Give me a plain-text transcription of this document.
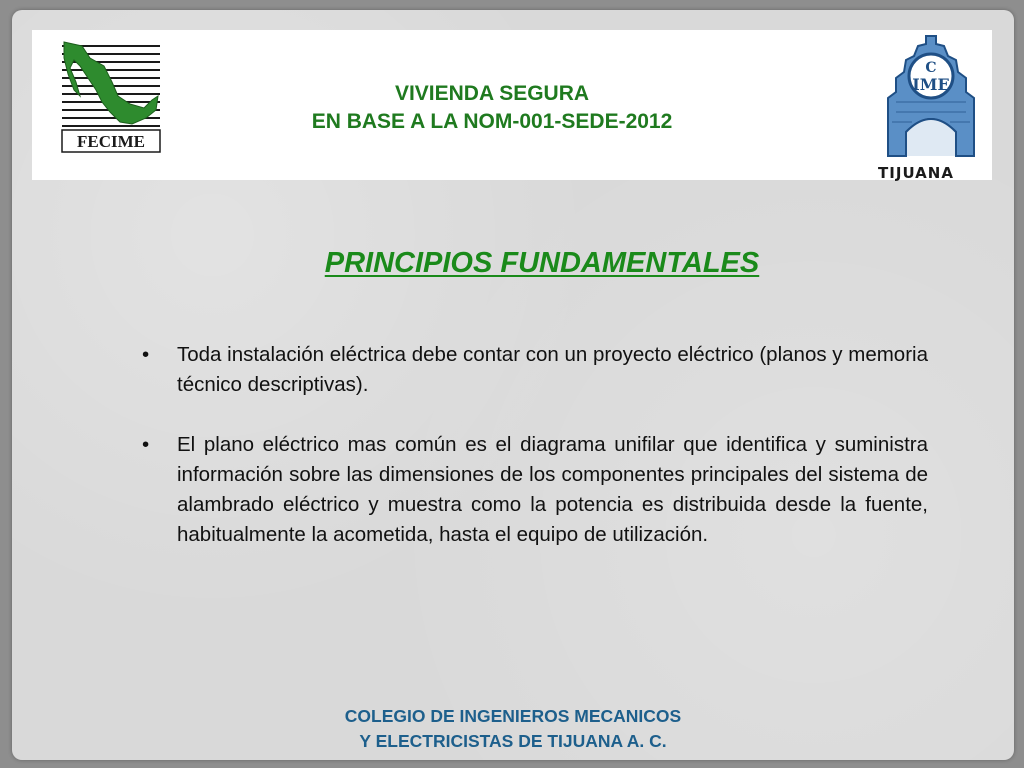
FECIME
VIVIENDA SEGURA
EN BASE A LA NOM-001-SEDE-2012
C
IME
TIJUANA
PRINCIPIOS FUNDAMENTALES
•	Toda instalación eléctrica debe contar con un proyecto eléctrico (planos y memoria técnico descriptivas).
•	El plano eléctrico mas común es el diagrama unifilar que identifica y suministra información sobre las dimensiones de los componentes principales del sistema de alambrado eléctrico y muestra como la potencia es distribuida desde la fuente, habitualmente la acometida, hasta el equipo de utilización.
COLEGIO DE INGENIEROS MECANICOS
Y ELECTRICISTAS DE TIJUANA A. C.
